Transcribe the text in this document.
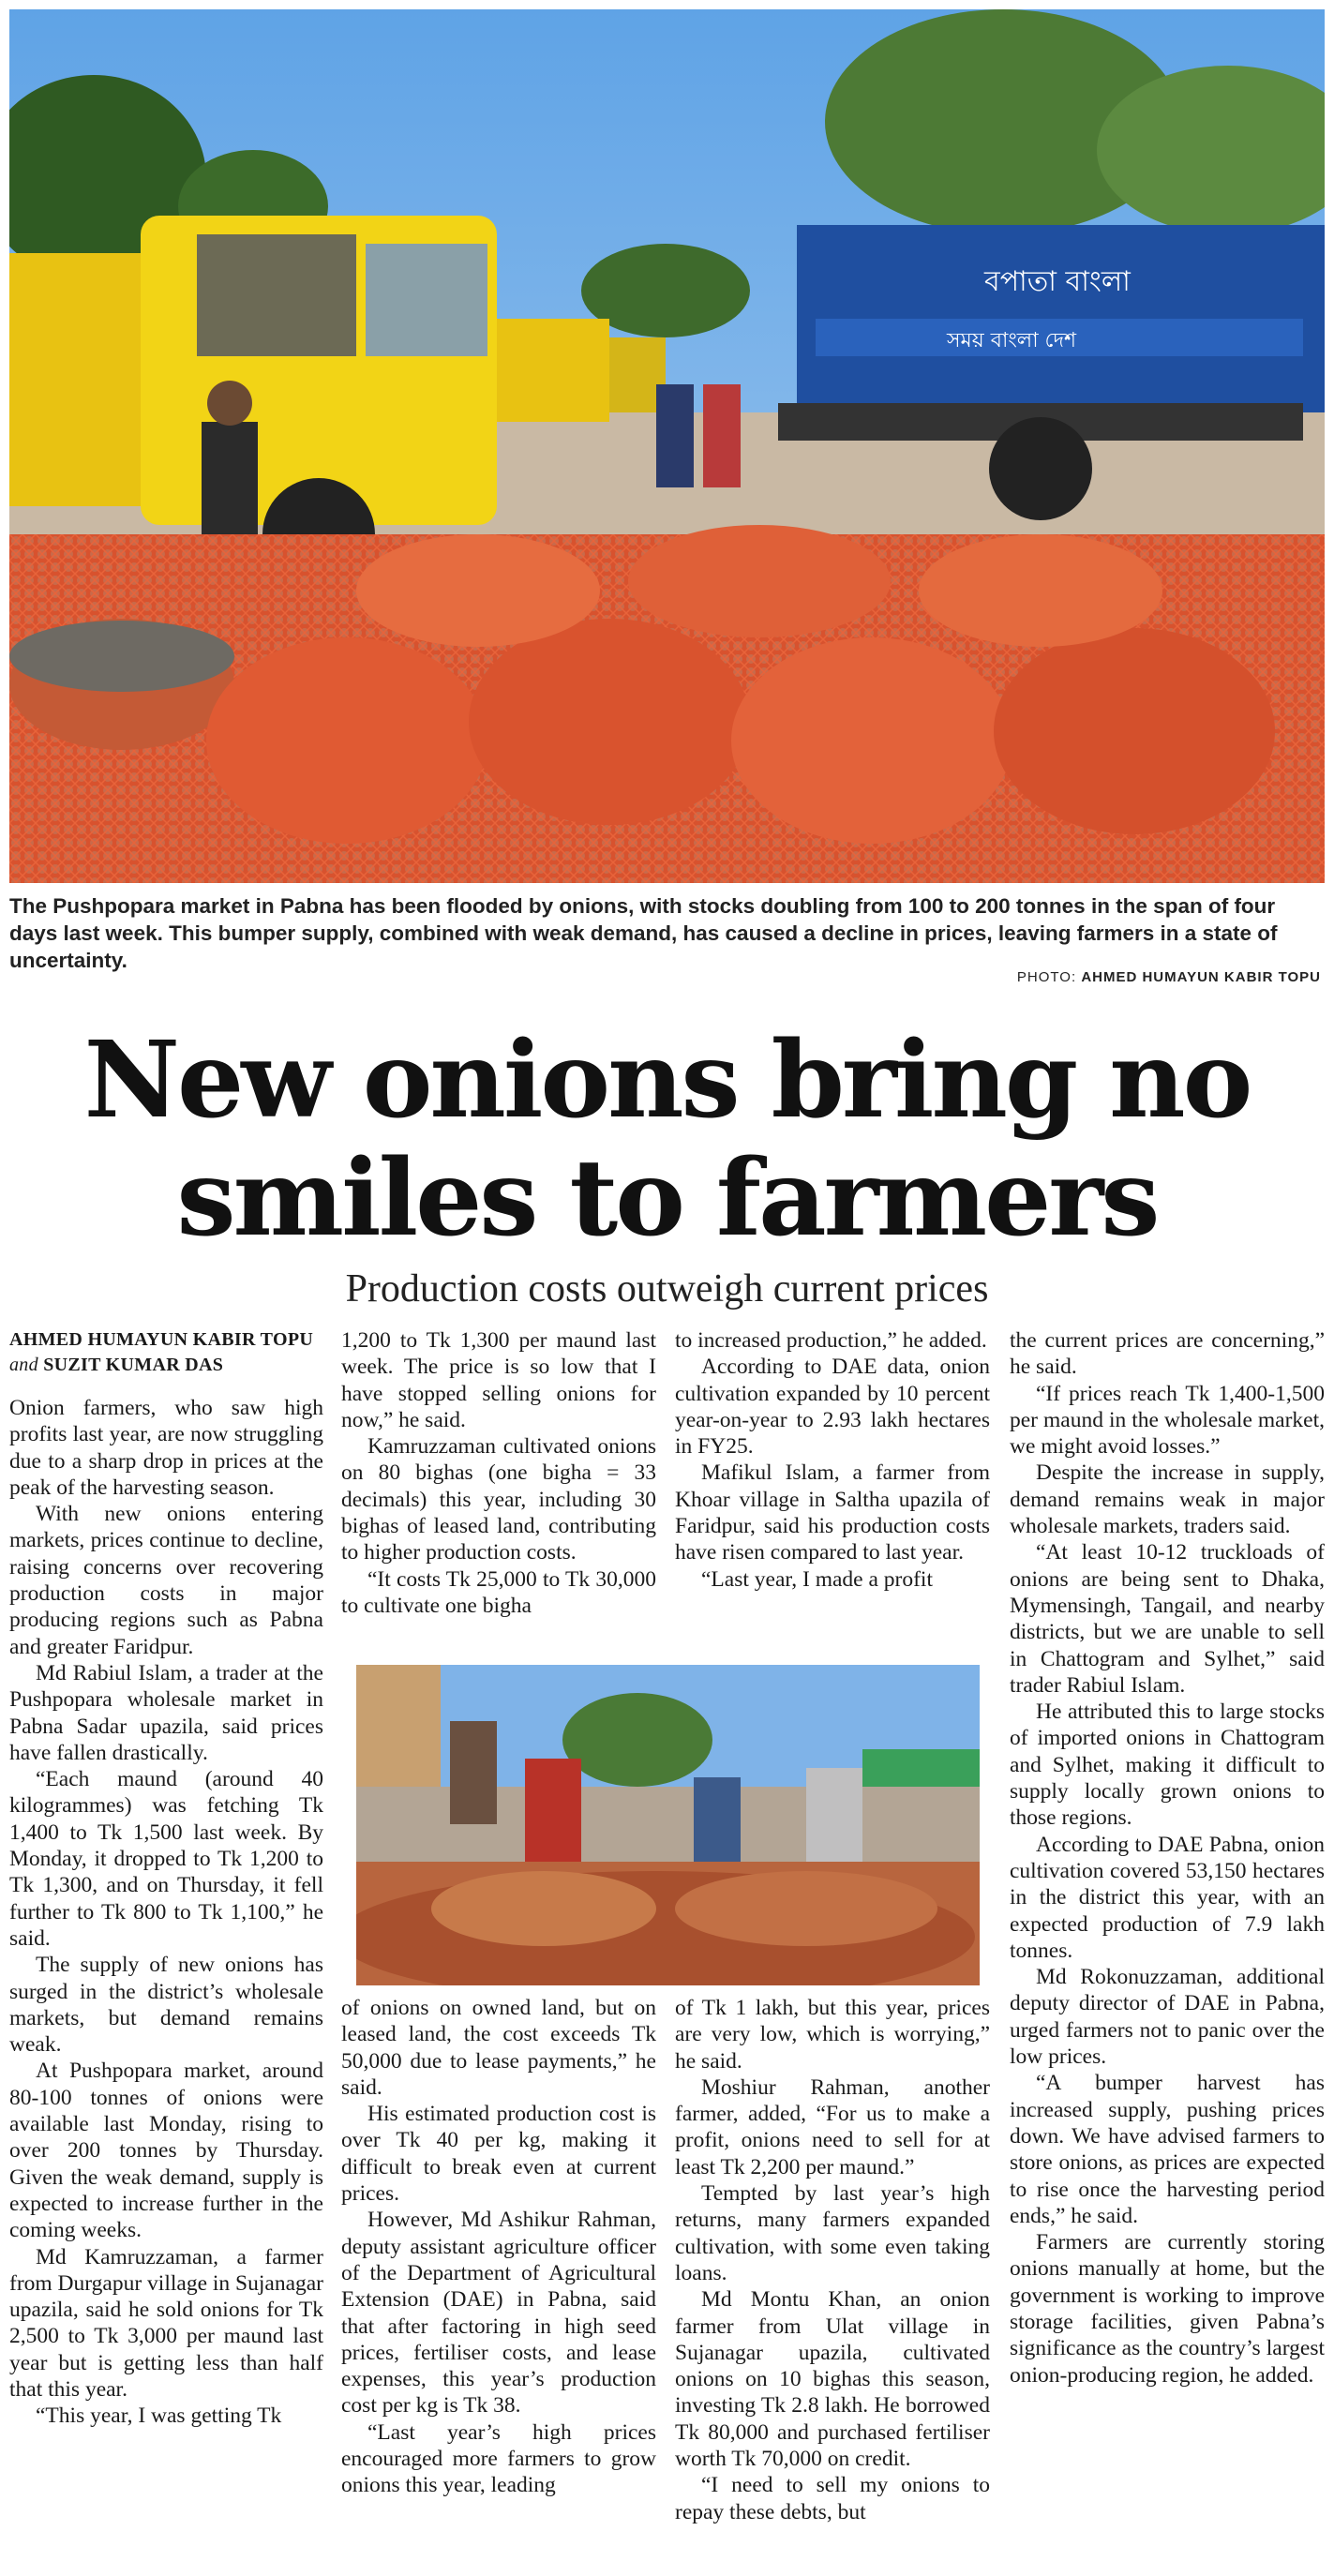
বপাতা বাংলা
সময় বাংলা দেশ
The Pushpopara market in Pabna has been flooded by onions, with stocks doubling from 100 to 200 tonnes in the span of four days last week. This bumper supply, combined with weak demand, has caused a decline in prices, leaving farmers in a state of uncertainty.
PHOTO: AHMED HUMAYUN KABIR TOPU
New onions bring no smiles to farmers
Production costs outweigh current prices
AHMED HUMAYUN KABIR TOPU and SUZIT KUMAR DAS

Onion farmers, who saw high profits last year, are now struggling due to a sharp drop in prices at the peak of the harvesting season.

With new onions entering markets, prices continue to decline, raising concerns over recovering production costs in major producing regions such as Pabna and greater Faridpur.

Md Rabiul Islam, a trader at the Pushpopara wholesale market in Pabna Sadar upazila, said prices have fallen drastically.

“Each maund (around 40 kilogrammes) was fetching Tk 1,400 to Tk 1,500 last week. By Monday, it dropped to Tk 1,200 to Tk 1,300, and on Thursday, it fell further to Tk 800 to Tk 1,100,” he said.

The supply of new onions has surged in the district’s wholesale markets, but demand remains weak.

At Pushpopara market, around 80-100 tonnes of onions were available last Monday, rising to over 200 tonnes by Thursday. Given the weak demand, supply is expected to increase further in the coming weeks.

Md Kamruzzaman, a farmer from Durgapur village in Sujanagar upazila, said he sold onions for Tk 2,500 to Tk 3,000 per maund last year but is getting less than half that this year.

“This year, I was getting Tk

1,200 to Tk 1,300 per maund last week. The price is so low that I have stopped selling onions for now,” he said.

Kamruzzaman cultivated onions on 80 bighas (one bigha = 33 decimals) this year, including 30 bighas of leased land, contributing to higher production costs.

“It costs Tk 25,000 to Tk 30,000 to cultivate one bigha

to increased production,” he added.

According to DAE data, onion cultivation expanded by 10 percent year-on-year to 2.93 lakh hectares in FY25.

Mafikul Islam, a farmer from Khoar village in Saltha upazila of Faridpur, said his production costs have risen compared to last year.

“Last year, I made a profit

of onions on owned land, but on leased land, the cost exceeds Tk 50,000 due to lease payments,” he said.

His estimated production cost is over Tk 40 per kg, making it difficult to break even at current prices.

However, Md Ashikur Rahman, deputy assistant agriculture officer of the Department of Agricultural Extension (DAE) in Pabna, said that after factoring in high seed prices, fertiliser costs, and lease expenses, this year’s production cost per kg is Tk 38.

“Last year’s high prices encouraged more farmers to grow onions this year, leading

of Tk 1 lakh, but this year, prices are very low, which is worrying,” he said.

Moshiur Rahman, another farmer, added, “For us to make a profit, onions need to sell for at least Tk 2,200 per maund.”

Tempted by last year’s high returns, many farmers expanded cultivation, with some even taking loans.

Md Montu Khan, an onion farmer from Ulat village in Sujanagar upazila, cultivated onions on 10 bighas this season, investing Tk 2.8 lakh. He borrowed Tk 80,000 and purchased fertiliser worth Tk 70,000 on credit.

“I need to sell my onions to repay these debts, but

the current prices are concerning,” he said.

“If prices reach Tk 1,400-1,500 per maund in the wholesale market, we might avoid losses.”

Despite the increase in supply, demand remains weak in major wholesale markets, traders said.

“At least 10-12 truckloads of onions are being sent to Dhaka, Mymensingh, Tangail, and nearby districts, but we are unable to sell in Chattogram and Sylhet,” said trader Rabiul Islam.

He attributed this to large stocks of imported onions in Chattogram and Sylhet, making it difficult to supply locally grown onions to those regions.

According to DAE Pabna, onion cultivation covered 53,150 hectares in the district this year, with an expected production of 7.9 lakh tonnes.

Md Rokonuzzaman, additional deputy director of DAE in Pabna, urged farmers not to panic over the low prices.

“A bumper harvest has increased supply, pushing prices down. We have advised farmers to store onions, as prices are expected to rise once the harvesting period ends,” he said.

Farmers are currently storing onions manually at home, but the government is working to improve storage facilities, given Pabna’s significance as the country’s largest onion-producing region, he added.
